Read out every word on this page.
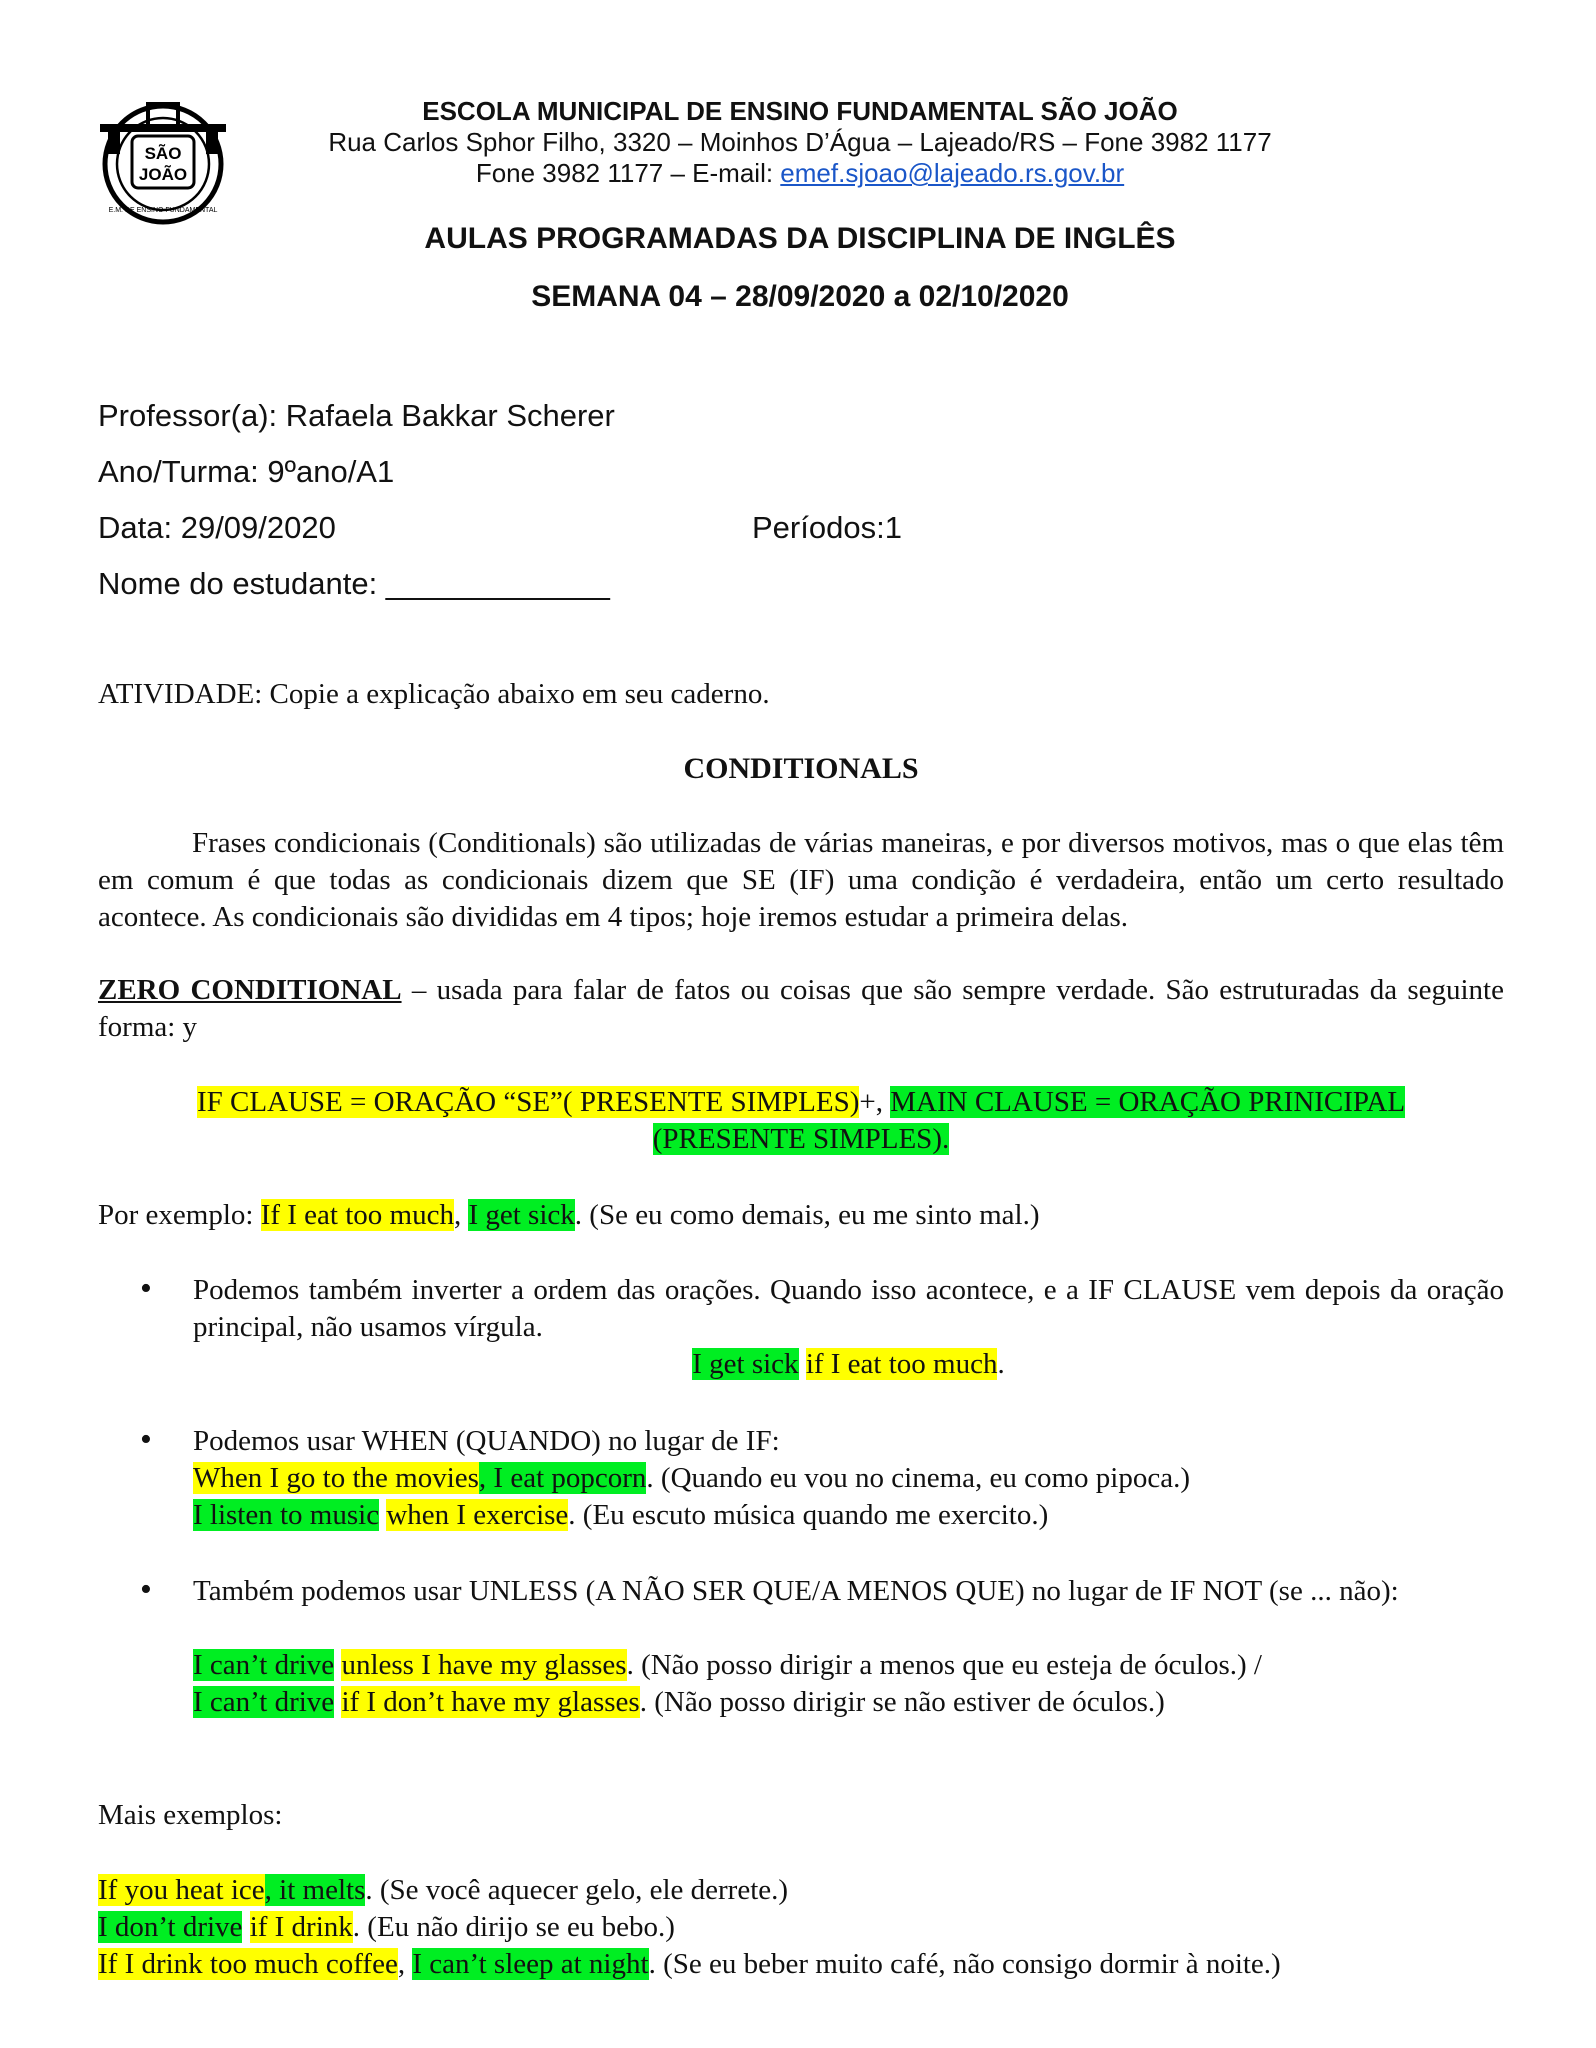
SÃO
JOÃO
E.M. DE ENSINO FUNDAMENTAL
ESCOLA MUNICIPAL DE ENSINO FUNDAMENTAL SÃO JOÃO
Rua Carlos Sphor Filho, 3320 – Moinhos D’Água – Lajeado/RS – Fone 3982 1177
Fone 3982 1177 – E-mail: emef.sjoao@lajeado.rs.gov.br
AULAS PROGRAMADAS DA DISCIPLINA DE INGLÊS
SEMANA 04 – 28/09/2020 a 02/10/2020
Professor(a): Rafaela Bakkar Scherer
Ano/Turma: 9ºano/A1
Data: 29/09/2020	Períodos:1
Nome do estudante: _____________
ATIVIDADE: Copie a explicação abaixo em seu caderno.
CONDITIONALS
Frases condicionais (Conditionals) são utilizadas de várias maneiras, e por diversos motivos, mas o que elas têm em comum é que todas as condicionais dizem que SE (IF) uma condição é verdadeira, então um certo resultado acontece. As condicionais são divididas em 4 tipos; hoje iremos estudar a primeira delas.
ZERO CONDITIONAL – usada para falar de fatos ou coisas que são sempre verdade. São estruturadas da seguinte forma: y
IF CLAUSE = ORAÇÃO “SE”( PRESENTE SIMPLES)+, MAIN CLAUSE = ORAÇÃO PRINICIPAL
(PRESENTE SIMPLES).
Por exemplo: If I eat too much, I get sick. (Se eu como demais, eu me sinto mal.)
• Podemos também inverter a ordem das orações. Quando isso acontece, e a IF CLAUSE vem depois da oração principal, não usamos vírgula.
I get sick if I eat too much.
• Podemos usar WHEN (QUANDO) no lugar de IF:
When I go to the movies, I eat popcorn. (Quando eu vou no cinema, eu como pipoca.)
I listen to music when I exercise. (Eu escuto música quando me exercito.)
• Também podemos usar UNLESS (A NÃO SER QUE/A MENOS QUE) no lugar de IF NOT (se ... não):
I can’t drive unless I have my glasses. (Não posso dirigir a menos que eu esteja de óculos.) /
I can’t drive if I don’t have my glasses. (Não posso dirigir se não estiver de óculos.)
Mais exemplos:
If you heat ice, it melts. (Se você aquecer gelo, ele derrete.)
I don’t drive if I drink. (Eu não dirijo se eu bebo.)
If I drink too much coffee, I can’t sleep at night. (Se eu beber muito café, não consigo dormir à noite.)
